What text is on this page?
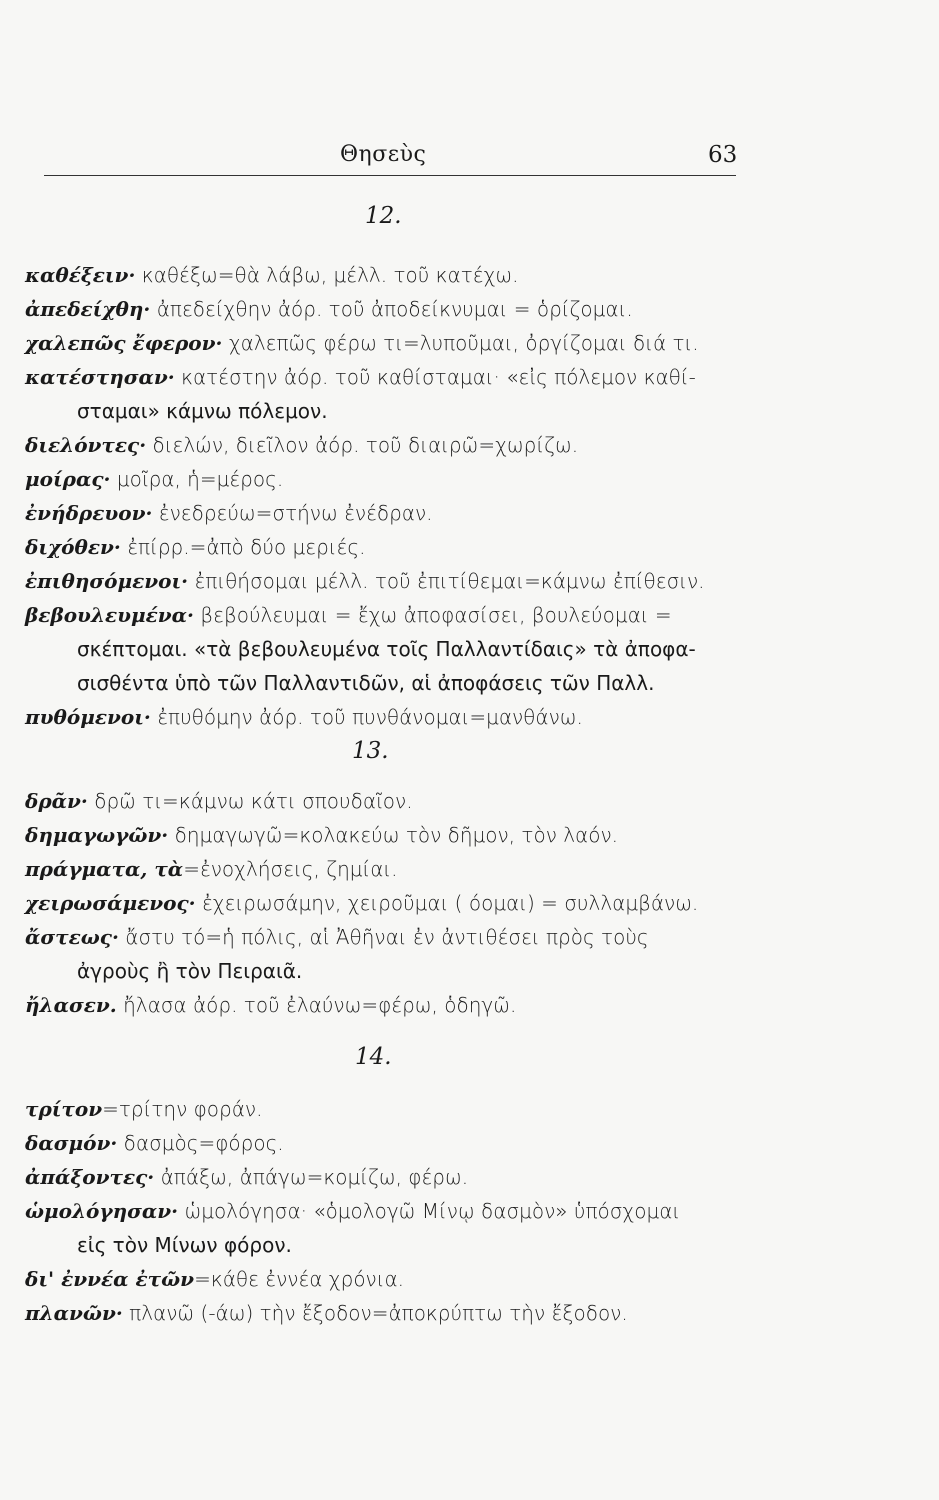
Θησεὺς	63
12.
καθέξειν· καθέξω=θὰ λάβω, μέλλ. τοῦ κατέχω.
ἀπεδείχθη· ἀπεδείχθην ἀόρ. τοῦ ἀποδείκνυμαι = ὁρίζομαι.
χαλεπῶς ἔφερον· χαλεπῶς φέρω τι=λυποῦμαι, ὀργίζομαι διά τι.
κατέστησαν· κατέστην ἀόρ. τοῦ καθίσταμαι· «εἰς πόλεμον καθί-
σταμαι» κάμνω πόλεμον.
διελόντες· διελών, διεῖλον ἀόρ. τοῦ διαιρῶ=χωρίζω.
μοίρας· μοῖρα, ἡ=μέρος.
ἐνήδρευον· ἐνεδρεύω=στήνω ἐνέδραν.
διχόθεν· ἐπίρρ.=ἀπὸ δύο μεριές.
ἐπιθησόμενοι· ἐπιθήσομαι μέλλ. τοῦ ἐπιτίθεμαι=κάμνω ἐπίθεσιν.
βεβουλευμένα· βεβούλευμαι = ἔχω ἀποφασίσει, βουλεύομαι =
σκέπτομαι. «τὰ βεβουλευμένα τοῖς Παλλαντίδαις» τὰ ἀποφα-
σισθέντα ὑπὸ τῶν Παλλαντιδῶν, αἱ ἀποφάσεις τῶν Παλλ.
πυθόμενοι· ἐπυθόμην ἀόρ. τοῦ πυνθάνομαι=μανθάνω.
13.
δρᾶν· δρῶ τι=κάμνω κάτι σπουδαῖον.
δημαγωγῶν· δημαγωγῶ=κολακεύω τὸν δῆμον, τὸν λαόν.
πράγματα, τὰ=ἐνοχλήσεις, ζημίαι.
χειρωσάμενος· ἐχειρωσάμην, χειροῦμαι ( όομαι) = συλλαμβάνω.
ἄστεως· ἄστυ τό=ἡ πόλις, αἱ Ἀθῆναι ἐν ἀντιθέσει πρὸς τοὺς
ἀγροὺς ἢ τὸν Πειραιᾶ.
ἤλασεν. ἤλασα ἀόρ. τοῦ ἐλαύνω=φέρω, ὁδηγῶ.
14.
τρίτον=τρίτην φοράν.
δασμόν· δασμὸς=φόρος.
ἀπάξοντες· ἀπάξω, ἀπάγω=κομίζω, φέρω.
ὡμολόγησαν· ὡμολόγησα· «ὁμολογῶ Μίνῳ δασμὸν» ὑπόσχομαι
εἰς τὸν Μίνων φόρον.
δι' ἐννέα ἐτῶν=κάθε ἐννέα χρόνια.
πλανῶν· πλανῶ (-άω) τὴν ἔξοδον=ἀποκρύπτω τὴν ἔξοδον.
